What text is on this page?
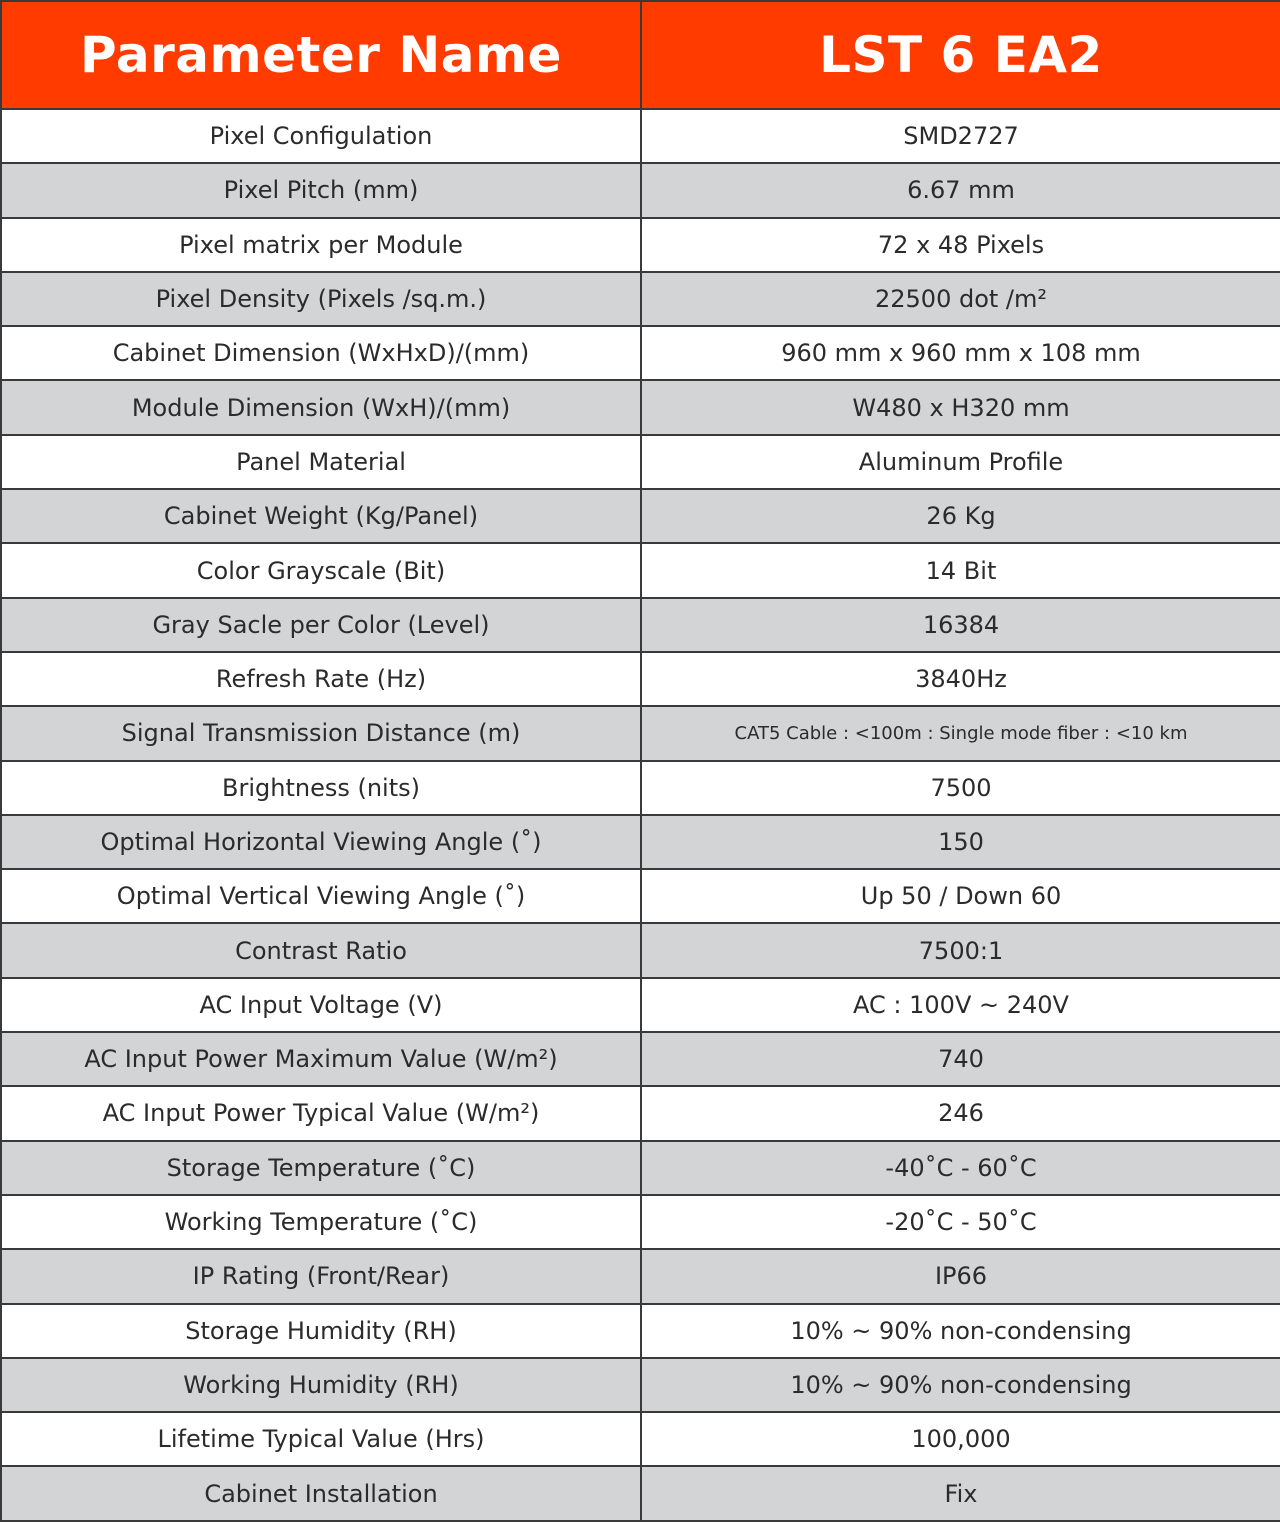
Parameter Name	LST 6 EA2
Pixel Configulation	SMD2727
Pixel Pitch (mm)	6.67 mm
Pixel matrix per Module	72 x 48 Pixels
Pixel Density (Pixels /sq.m.)	22500 dot /m²
Cabinet Dimension (WxHxD)/(mm)	960 mm x 960 mm x 108 mm
Module Dimension (WxH)/(mm)	W480 x H320 mm
Panel Material	Aluminum Profile
Cabinet Weight (Kg/Panel)	26 Kg
Color Grayscale (Bit)	14 Bit
Gray Sacle per Color (Level)	16384
Refresh Rate (Hz)	3840Hz
Signal Transmission Distance (m)	CAT5 Cable : <100m : Single mode fiber : <10 km
Brightness (nits)	7500
Optimal Horizontal Viewing Angle (˚)	150
Optimal Vertical Viewing Angle (˚)	Up 50 / Down 60
Contrast Ratio	7500:1
AC Input Voltage (V)	AC : 100V ~ 240V
AC Input Power Maximum Value (W/m²)	740
AC Input Power Typical Value (W/m²)	246
Storage Temperature (˚C)	-40˚C - 60˚C
Working Temperature (˚C)	-20˚C - 50˚C
IP Rating (Front/Rear)	IP66
Storage Humidity (RH)	10% ~ 90% non-condensing
Working Humidity (RH)	10% ~ 90% non-condensing
Lifetime Typical Value (Hrs)	100,000
Cabinet Installation	Fix
